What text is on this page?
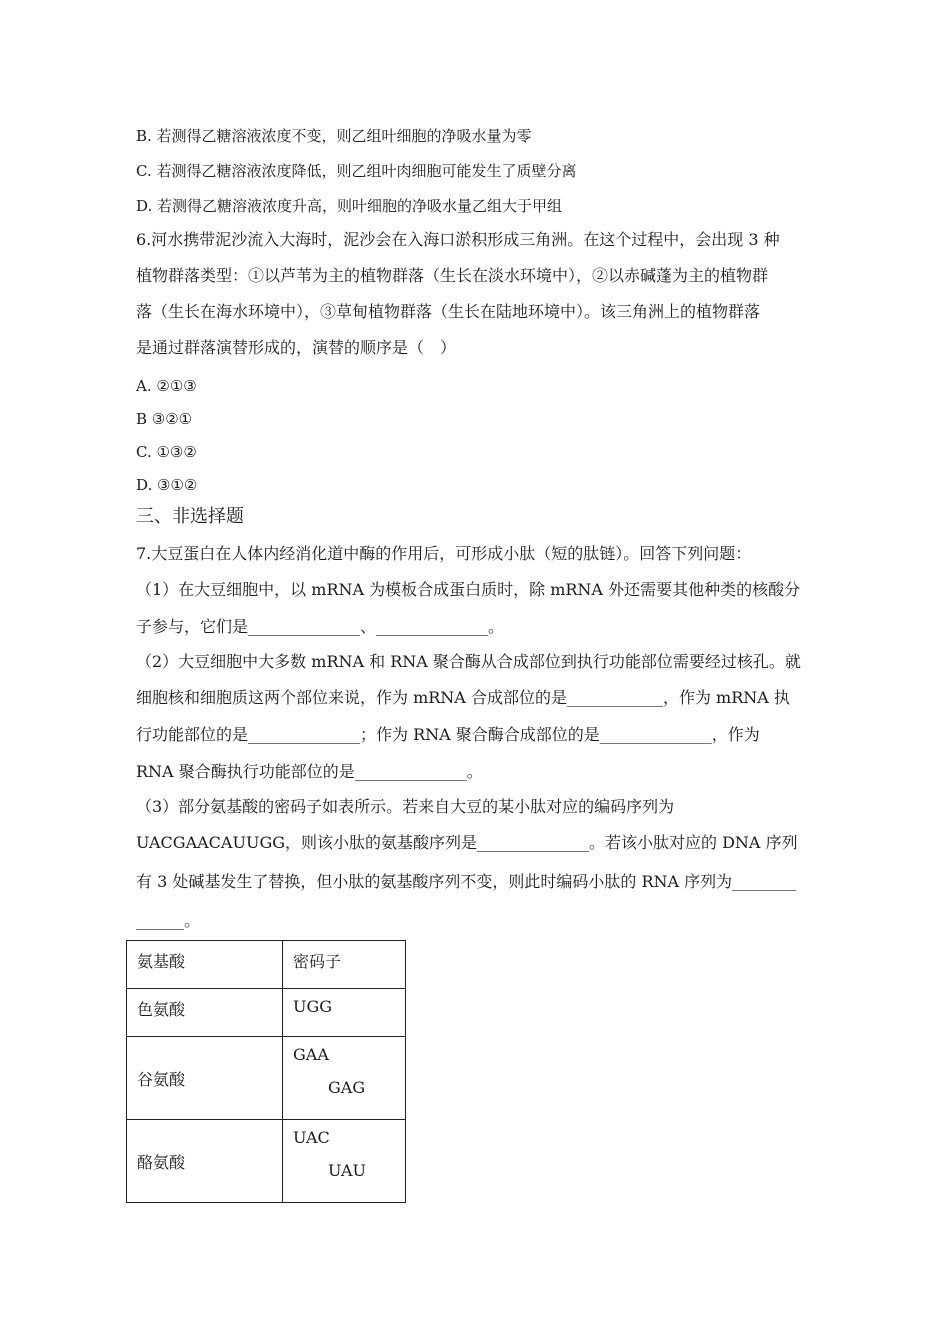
B. 若测得乙糖溶液浓度不变，则乙组叶细胞的净吸水量为零
C. 若测得乙糖溶液浓度降低，则乙组叶肉细胞可能发生了质壁分离
D. 若测得乙糖溶液浓度升高，则叶细胞的净吸水量乙组大于甲组
6.河水携带泥沙流入大海时，泥沙会在入海口淤积形成三角洲。在这个过程中，会出现 3 种
植物群落类型：①以芦苇为主的植物群落（生长在淡水环境中），②以赤碱蓬为主的植物群
落（生长在海水环境中），③草甸植物群落（生长在陆地环境中）。该三角洲上的植物群落
是通过群落演替形成的，演替的顺序是（　）
A. ②①③
B ③②①
C. ①③②
D. ③①②
三、非选择题
7.大豆蛋白在人体内经消化道中酶的作用后，可形成小肽（短的肽链）。回答下列问题：
（1）在大豆细胞中，以 mRNA 为模板合成蛋白质时，除 mRNA 外还需要其他种类的核酸分
子参与，它们是______________、______________。
（2）大豆细胞中大多数 mRNA 和 RNA 聚合酶从合成部位到执行功能部位需要经过核孔。就
细胞核和细胞质这两个部位来说，作为 mRNA 合成部位的是____________，作为 mRNA 执
行功能部位的是______________；作为 RNA 聚合酶合成部位的是______________，作为
RNA 聚合酶执行功能部位的是______________。
（3）部分氨基酸的密码子如表所示。若来自大豆的某小肽对应的编码序列为
UACGAACAUUGG，则该小肽的氨基酸序列是______________。若该小肽对应的 DNA 序列
有 3 处碱基发生了替换，但小肽的氨基酸序列不变，则此时编码小肽的 RNA 序列为________
______。
氨基酸	密码子

色氨酸	UGG

谷氨酸	GAA
GAG

酪氨酸	UAC
UAU
